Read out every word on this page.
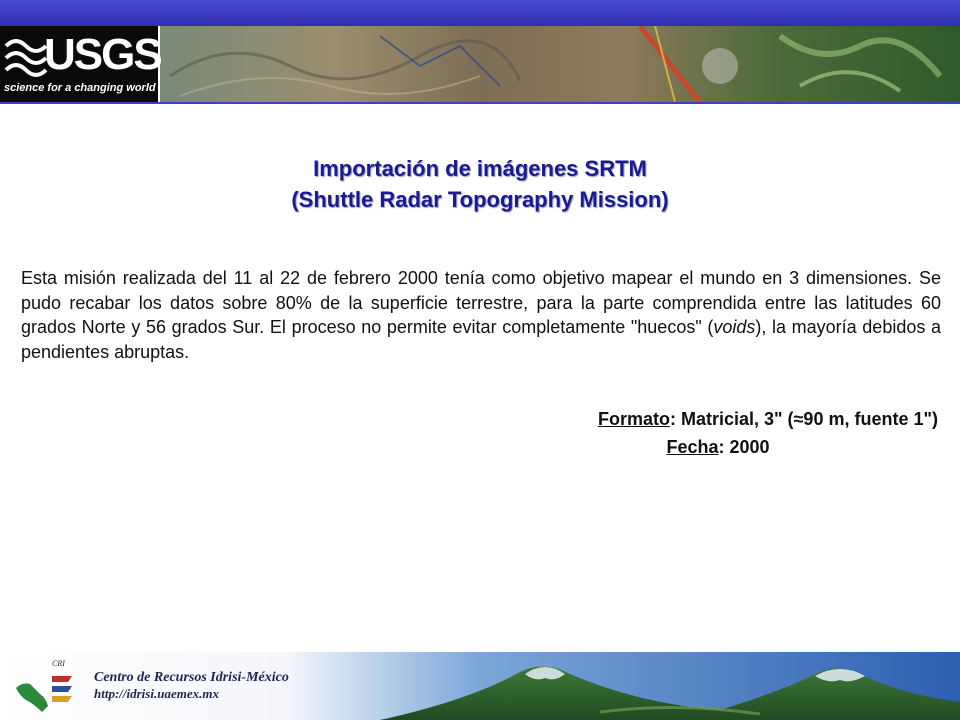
USGS
science for a changing world
Importación de imágenes SRTM
(Shuttle Radar Topography Mission)
Esta misión realizada del 11 al 22 de febrero 2000 tenía como objetivo mapear el mundo en 3 dimensiones. Se pudo recabar los datos sobre 80% de la superficie terrestre, para la parte comprendida entre las latitudes 60 grados Norte y 56 grados Sur. El proceso no permite evitar completamente "huecos" (voids), la mayoría debidos a pendientes abruptas.
Formato: Matricial, 3" (≈90 m, fuente 1")
Fecha: 2000
CRI
Centro de Recursos Idrisi-México
http://idrisi.uaemex.mx
